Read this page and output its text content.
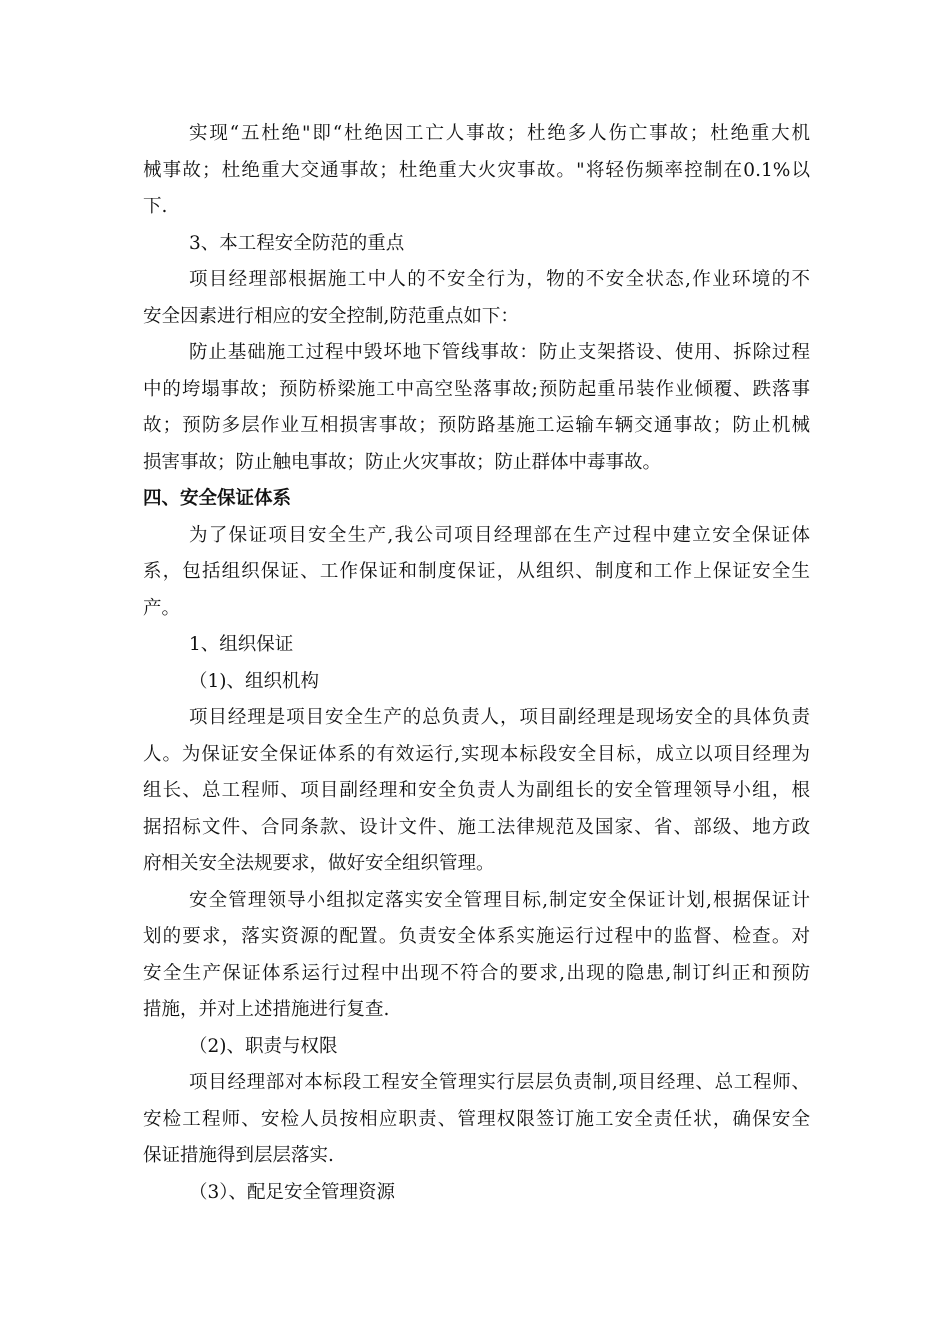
实现“五杜绝"即“杜绝因工亡人事故；杜绝多人伤亡事故；杜绝重大机
械事故；杜绝重大交通事故；杜绝重大火灾事故。"将轻伤频率控制在0.1%以
下.
3、本工程安全防范的重点
项目经理部根据施工中人的不安全行为，物的不安全状态,作业环境的不
安全因素进行相应的安全控制,防范重点如下：
防止基础施工过程中毁坏地下管线事故：防止支架搭设、使用、拆除过程
中的垮塌事故；预防桥梁施工中高空坠落事故;预防起重吊装作业倾覆、跌落事
故；预防多层作业互相损害事故；预防路基施工运输车辆交通事故；防止机械
损害事故；防止触电事故；防止火灾事故；防止群体中毒事故。
四、安全保证体系
为了保证项目安全生产,我公司项目经理部在生产过程中建立安全保证体
系，包括组织保证、工作保证和制度保证，从组织、制度和工作上保证安全生
产。
1、组织保证
（1)、组织机构
项目经理是项目安全生产的总负责人，项目副经理是现场安全的具体负责
人。为保证安全保证体系的有效运行,实现本标段安全目标，成立以项目经理为
组长、总工程师、项目副经理和安全负责人为副组长的安全管理领导小组，根
据招标文件、合同条款、设计文件、施工法律规范及国家、省、部级、地方政
府相关安全法规要求，做好安全组织管理。
安全管理领导小组拟定落实安全管理目标,制定安全保证计划,根据保证计
划的要求，落实资源的配置。负责安全体系实施运行过程中的监督、检查。对
安全生产保证体系运行过程中出现不符合的要求,出现的隐患,制订纠正和预防
措施，并对上述措施进行复查.
（2)、职责与权限
项目经理部对本标段工程安全管理实行层层负责制,项目经理、总工程师、
安检工程师、安检人员按相应职责、管理权限签订施工安全责任状，确保安全
保证措施得到层层落实.
（3）、配足安全管理资源
